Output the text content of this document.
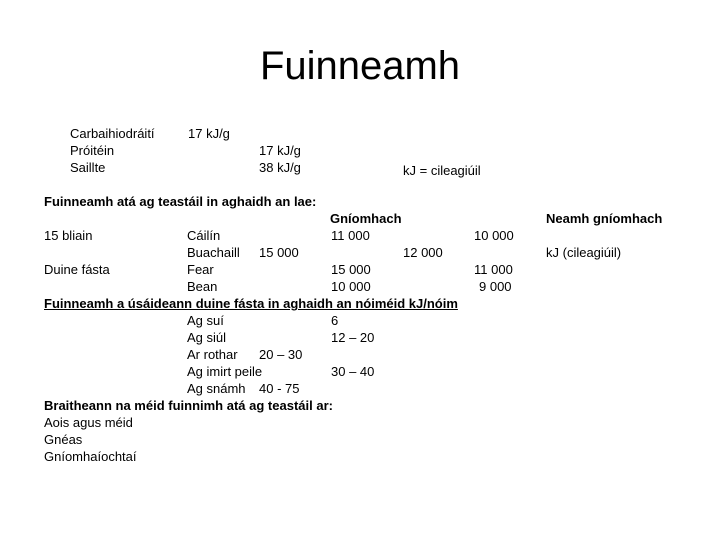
Fuinneamh
Carbaihiodráití	17 kJ/g
Próitéin	17 kJ/g
Saillte	38 kJ/g	kJ = cileagiúil
Fuinneamh atá ag teastáil in aghaidh an lae:
Gníomhach	Neamh gníomhach
15 bliain	Cáilín	11 000	10 000
Buachaill 15 000	12 000	kJ (cileagiúil)
Duine fásta	Fear	15 000	11 000
Bean	10 000	9 000
Fuinneamh a úsáideann duine fásta in aghaidh an nóiméid kJ/nóim
Ag suí	6
Ag siúl	12 – 20
Ar rothar 20 – 30
Ag imirt peile	30 – 40
Ag snámh 40 - 75
Braitheann na méid fuinnimh atá ag teastáil ar:
Aois agus méid
Gnéas
Gníomhaíochtaí
